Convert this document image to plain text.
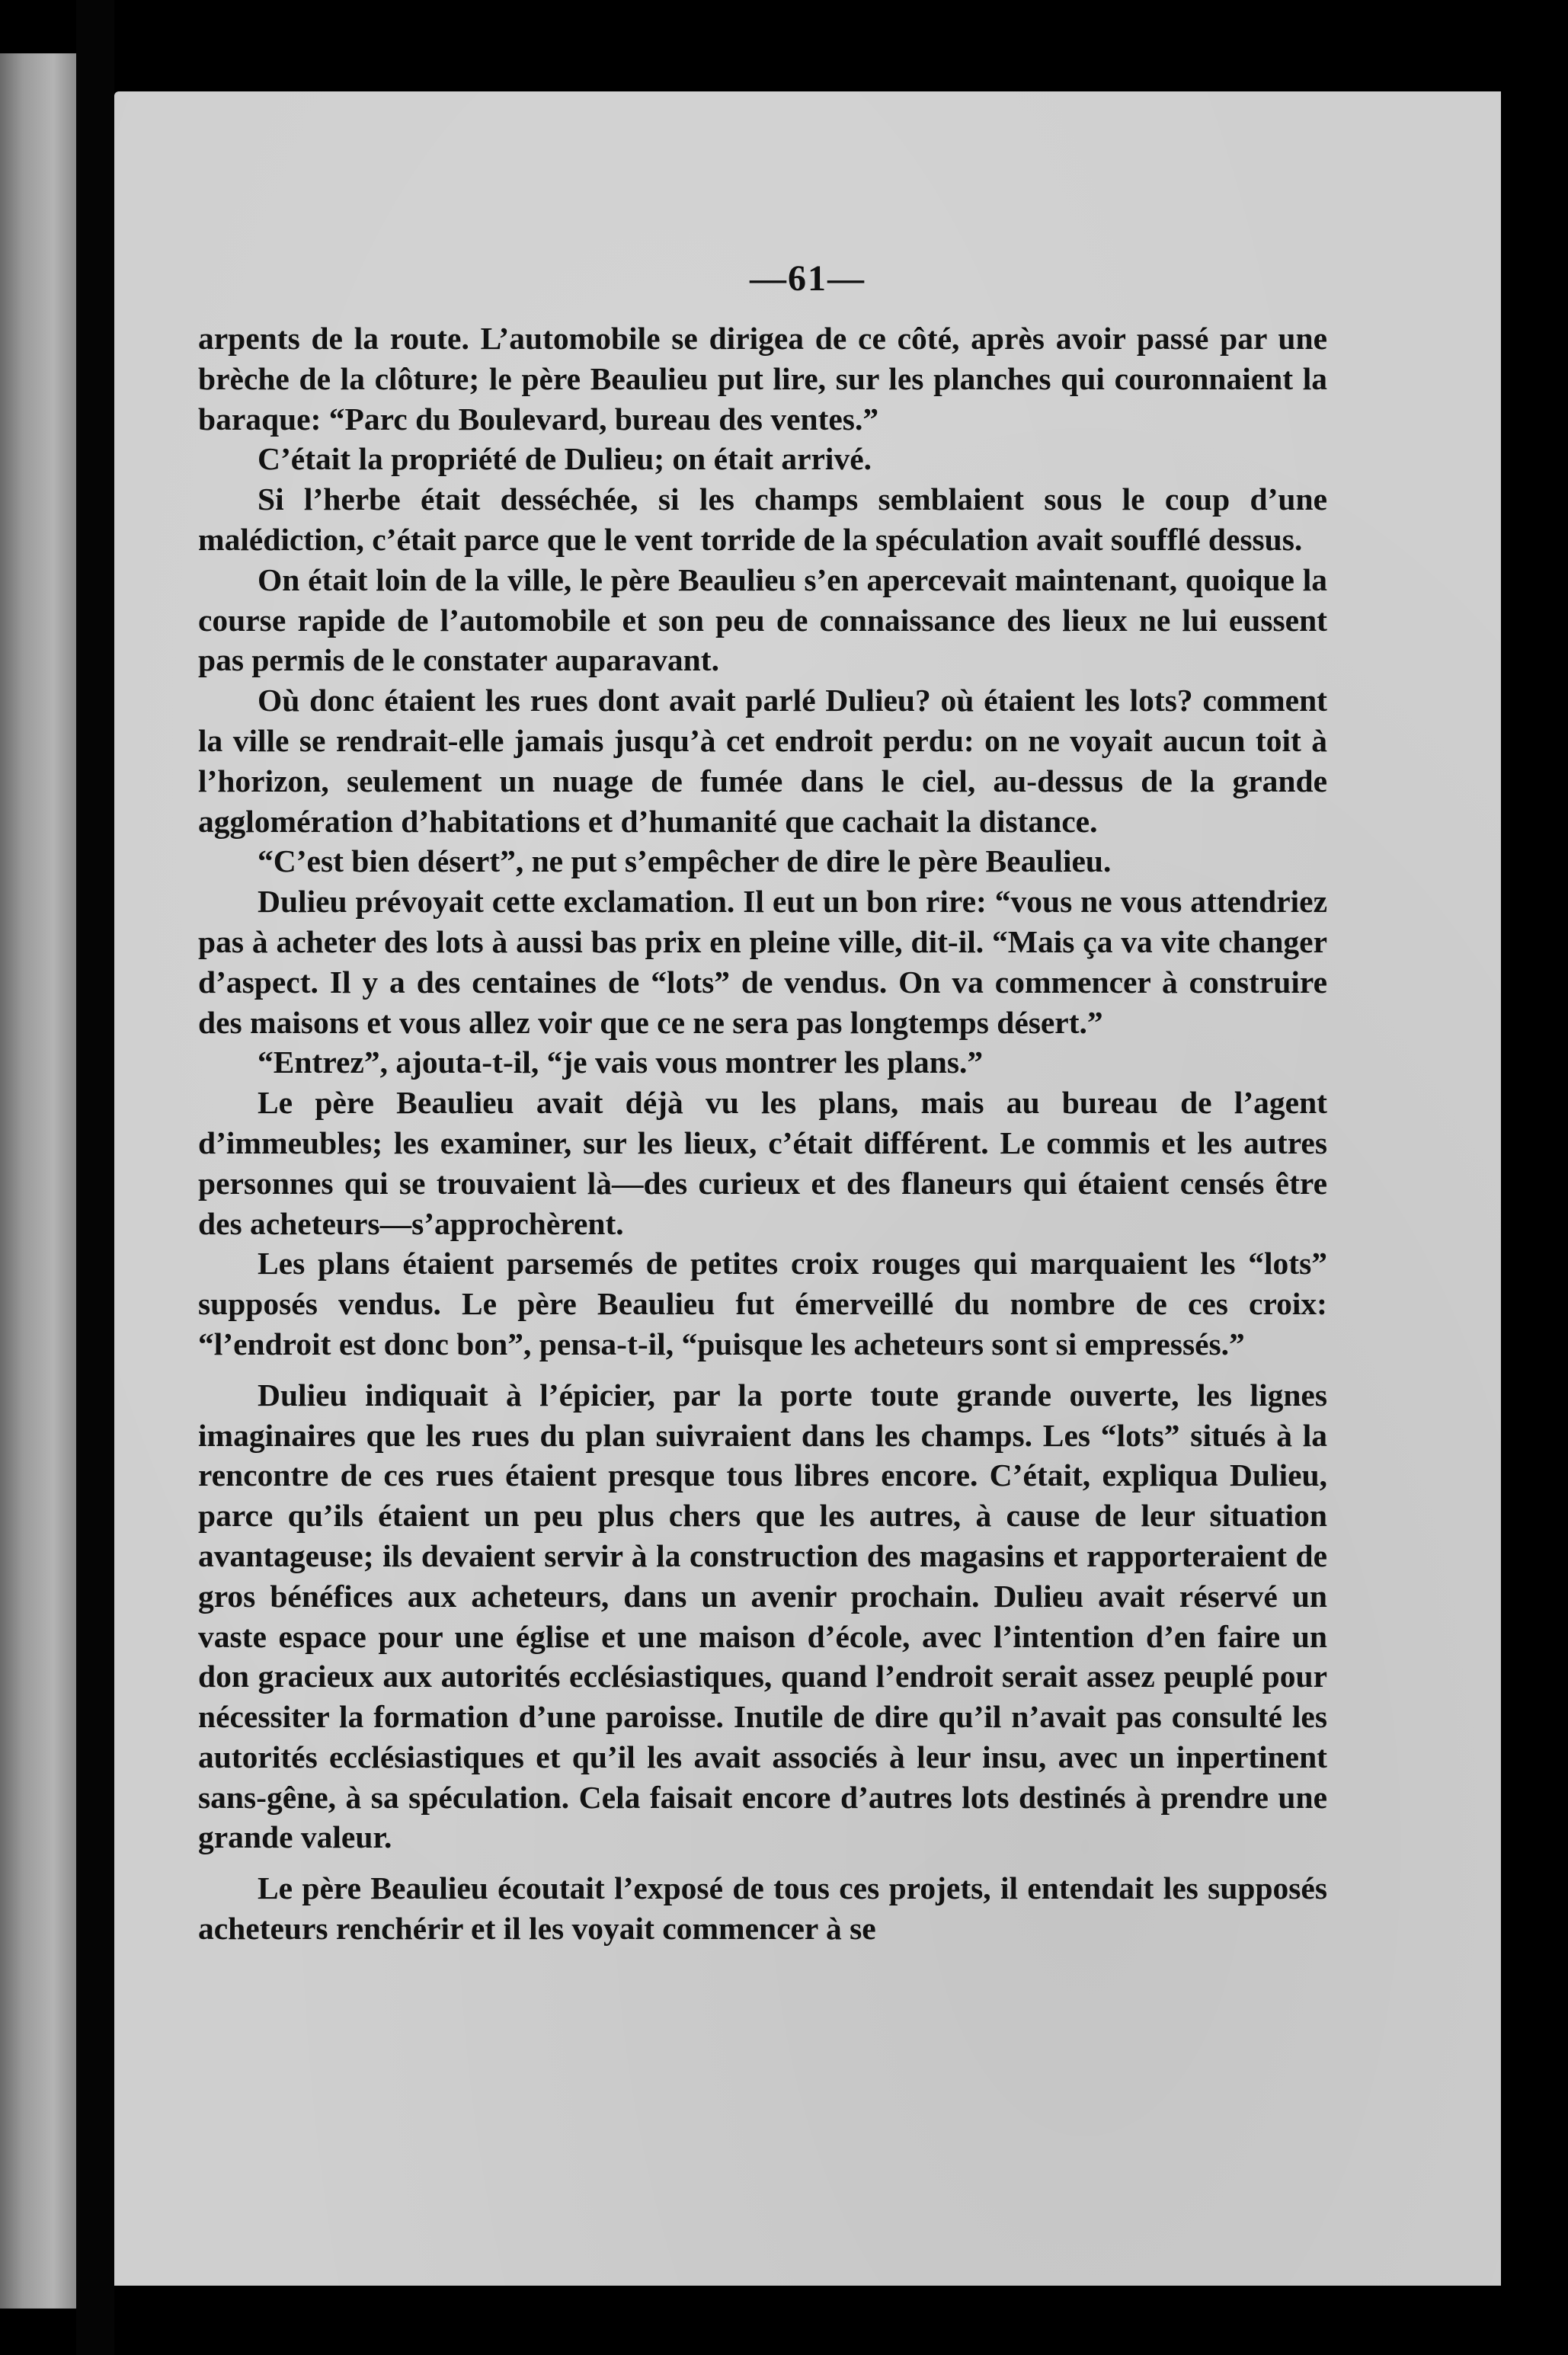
—61—

arpents de la route. L’automobile se dirigea de ce côté, après avoir passé par une brèche de la clôture; le père Beaulieu put lire, sur les planches qui couronnaient la baraque: “Parc du Boulevard, bureau des ventes.”

C’était la propriété de Dulieu; on était arrivé.

Si l’herbe était desséchée, si les champs semblaient sous le coup d’une malédiction, c’était parce que le vent torride de la spéculation avait soufflé dessus.

On était loin de la ville, le père Beaulieu s’en apercevait maintenant, quoique la course rapide de l’automobile et son peu de connaissance des lieux ne lui eussent pas permis de le constater auparavant.

Où donc étaient les rues dont avait parlé Dulieu? où étaient les lots? comment la ville se rendrait-elle jamais jusqu’à cet endroit perdu: on ne voyait aucun toit à l’horizon, seulement un nuage de fumée dans le ciel, au-dessus de la grande agglomération d’habitations et d’humanité que cachait la distance.

“C’est bien désert”, ne put s’empêcher de dire le père Beaulieu.

Dulieu prévoyait cette exclamation. Il eut un bon rire: “vous ne vous attendriez pas à acheter des lots à aussi bas prix en pleine ville, dit-il. “Mais ça va vite changer d’aspect. Il y a des centaines de “lots” de vendus. On va commencer à construire des maisons et vous allez voir que ce ne sera pas longtemps désert.”

“Entrez”, ajouta-t-il, “je vais vous montrer les plans.”

Le père Beaulieu avait déjà vu les plans, mais au bureau de l’agent d’immeubles; les examiner, sur les lieux, c’était différent. Le commis et les autres personnes qui se trouvaient là—des curieux et des flaneurs qui étaient censés être des acheteurs—s’approchèrent.

Les plans étaient parsemés de petites croix rouges qui marquaient les “lots” supposés vendus. Le père Beaulieu fut émerveillé du nombre de ces croix: “l’endroit est donc bon”, pensa-t-il, “puisque les acheteurs sont si empressés.”

Dulieu indiquait à l’épicier, par la porte toute grande ouverte, les lignes imaginaires que les rues du plan suivraient dans les champs. Les “lots” situés à la rencontre de ces rues étaient presque tous libres encore. C’était, expliqua Dulieu, parce qu’ils étaient un peu plus chers que les autres, à cause de leur situation avantageuse; ils devaient servir à la construction des magasins et rapporteraient de gros bénéfices aux acheteurs, dans un avenir prochain. Dulieu avait réservé un vaste espace pour une église et une maison d’école, avec l’intention d’en faire un don gracieux aux autorités ecclésiastiques, quand l’endroit serait assez peuplé pour nécessiter la formation d’une paroisse. Inutile de dire qu’il n’avait pas consulté les autorités ecclésiastiques et qu’il les avait associés à leur insu, avec un inpertinent sans-gêne, à sa spéculation. Cela faisait encore d’autres lots destinés à prendre une grande valeur.

Le père Beaulieu écoutait l’exposé de tous ces projets, il entendait les supposés acheteurs renchérir et il les voyait commencer à se
